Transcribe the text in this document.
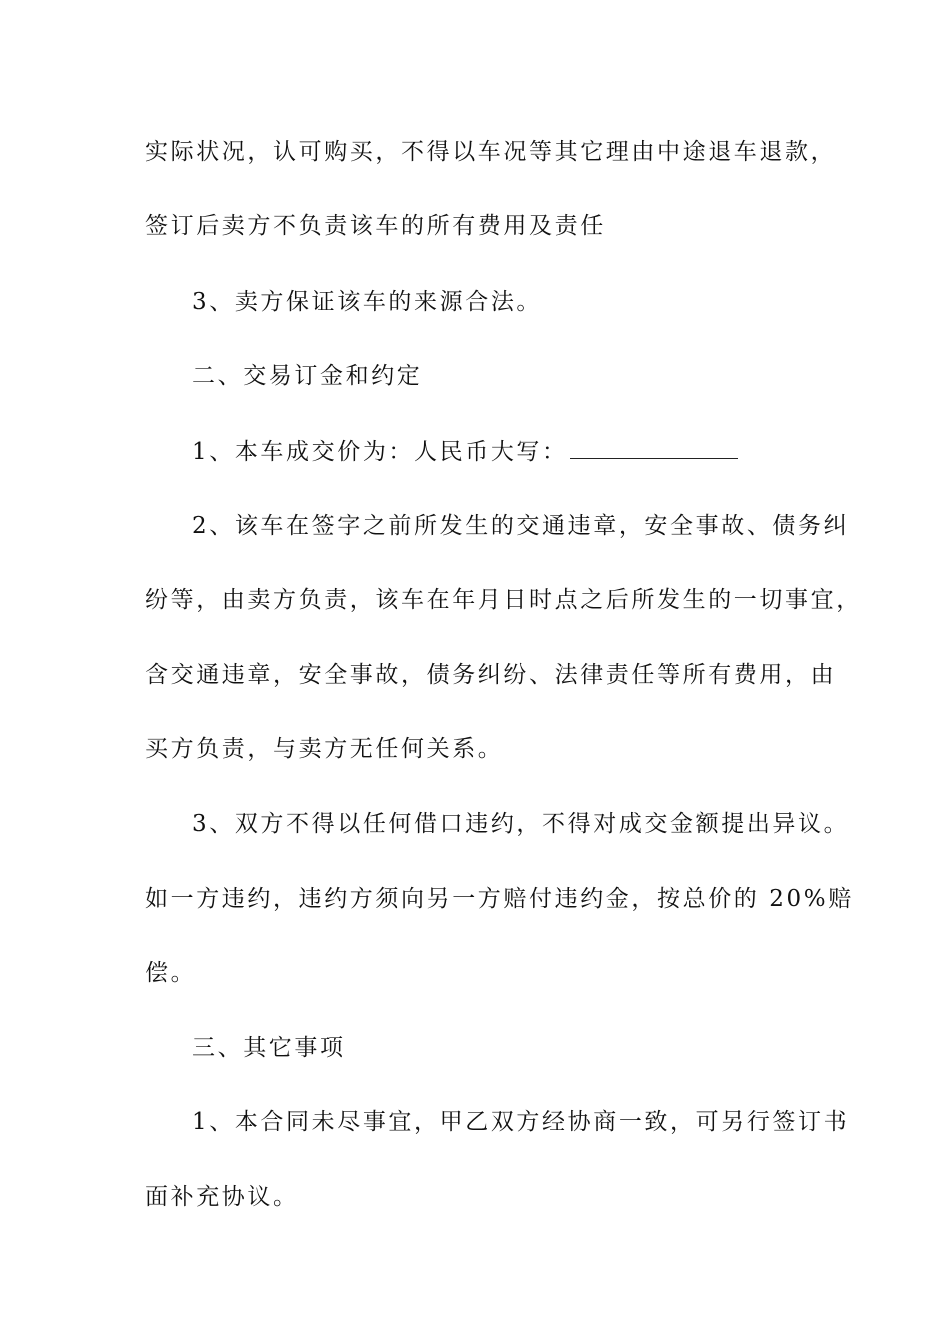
实际状况，认可购买，不得以车况等其它理由中途退车退款，
签订后卖方不负责该车的所有费用及责任
3、卖方保证该车的来源合法。
二、交易订金和约定
1、本车成交价为：人民币大写：
2、该车在签字之前所发生的交通违章，安全事故、债务纠
纷等，由卖方负责，该车在年月日时点之后所发生的一切事宜，
含交通违章，安全事故，债务纠纷、法律责任等所有费用，由
买方负责，与卖方无任何关系。
3、双方不得以任何借口违约，不得对成交金额提出异议。
如一方违约，违约方须向另一方赔付违约金，按总价的 20%赔
偿。
三、其它事项
1、本合同未尽事宜，甲乙双方经协商一致，可另行签订书
面补充协议。
